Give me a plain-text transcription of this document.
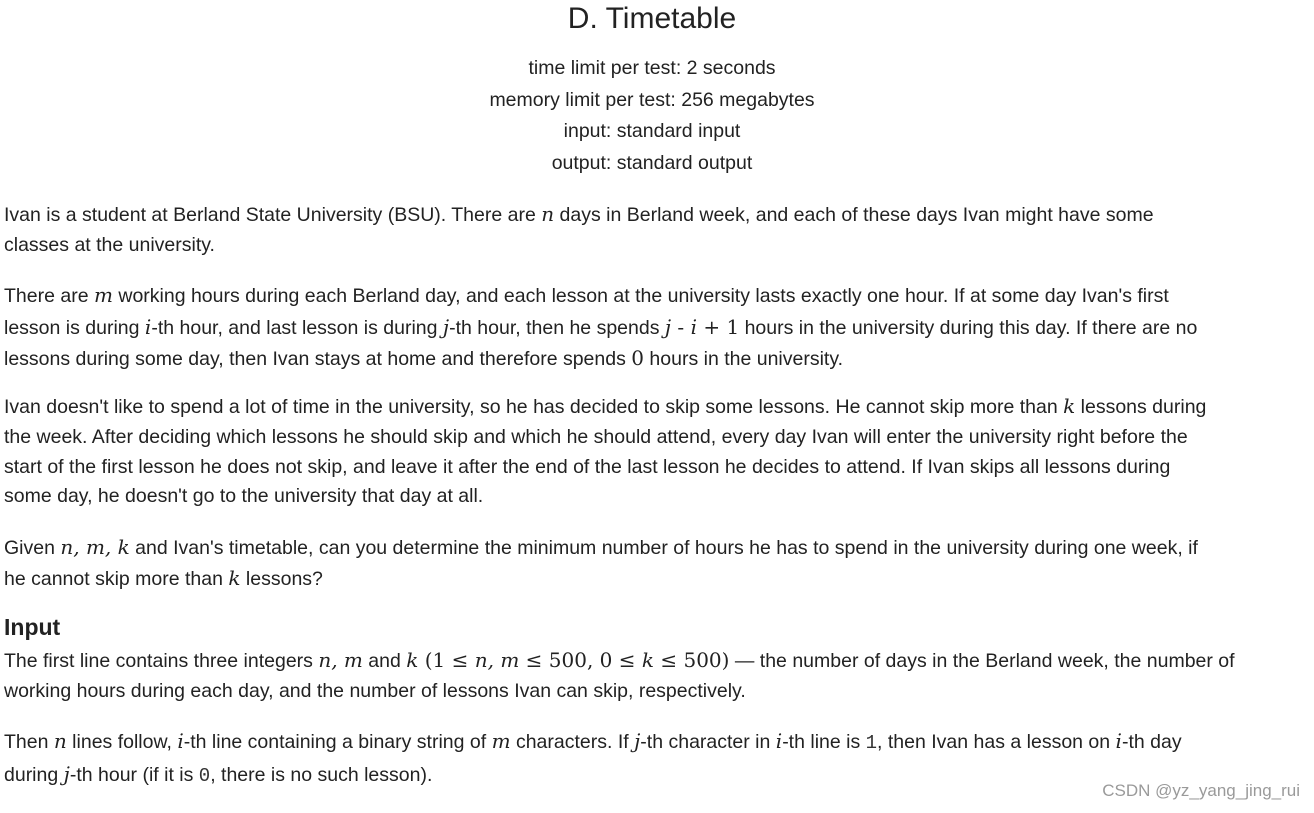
D. Timetable
time limit per test: 2 seconds
memory limit per test: 256 megabytes
input: standard input
output: standard output

Ivan is a student at Berland State University (BSU). There are n days in Berland week, and each of these days Ivan might have some
classes at the university.

There are m working hours during each Berland day, and each lesson at the university lasts exactly one hour. If at some day Ivan's first
lesson is during i-th hour, and last lesson is during j-th hour, then he spends j - i + 1 hours in the university during this day. If there are no
lessons during some day, then Ivan stays at home and therefore spends 0 hours in the university.

Ivan doesn't like to spend a lot of time in the university, so he has decided to skip some lessons. He cannot skip more than k lessons during
the week. After deciding which lessons he should skip and which he should attend, every day Ivan will enter the university right before the
start of the first lesson he does not skip, and leave it after the end of the last lesson he decides to attend. If Ivan skips all lessons during
some day, he doesn't go to the university that day at all.

Given n, m, k and Ivan's timetable, can you determine the minimum number of hours he has to spend in the university during one week, if
he cannot skip more than k lessons?

Input

The first line contains three integers n, m and k (1 ≤ n, m ≤ 500, 0 ≤ k ≤ 500) — the number of days in the Berland week, the number of
working hours during each day, and the number of lessons Ivan can skip, respectively.

Then n lines follow, i-th line containing a binary string of m characters. If j-th character in i-th line is 1, then Ivan has a lesson on i-th day
during j-th hour (if it is 0, there is no such lesson).

CSDN @yz_yang_jing_rui
